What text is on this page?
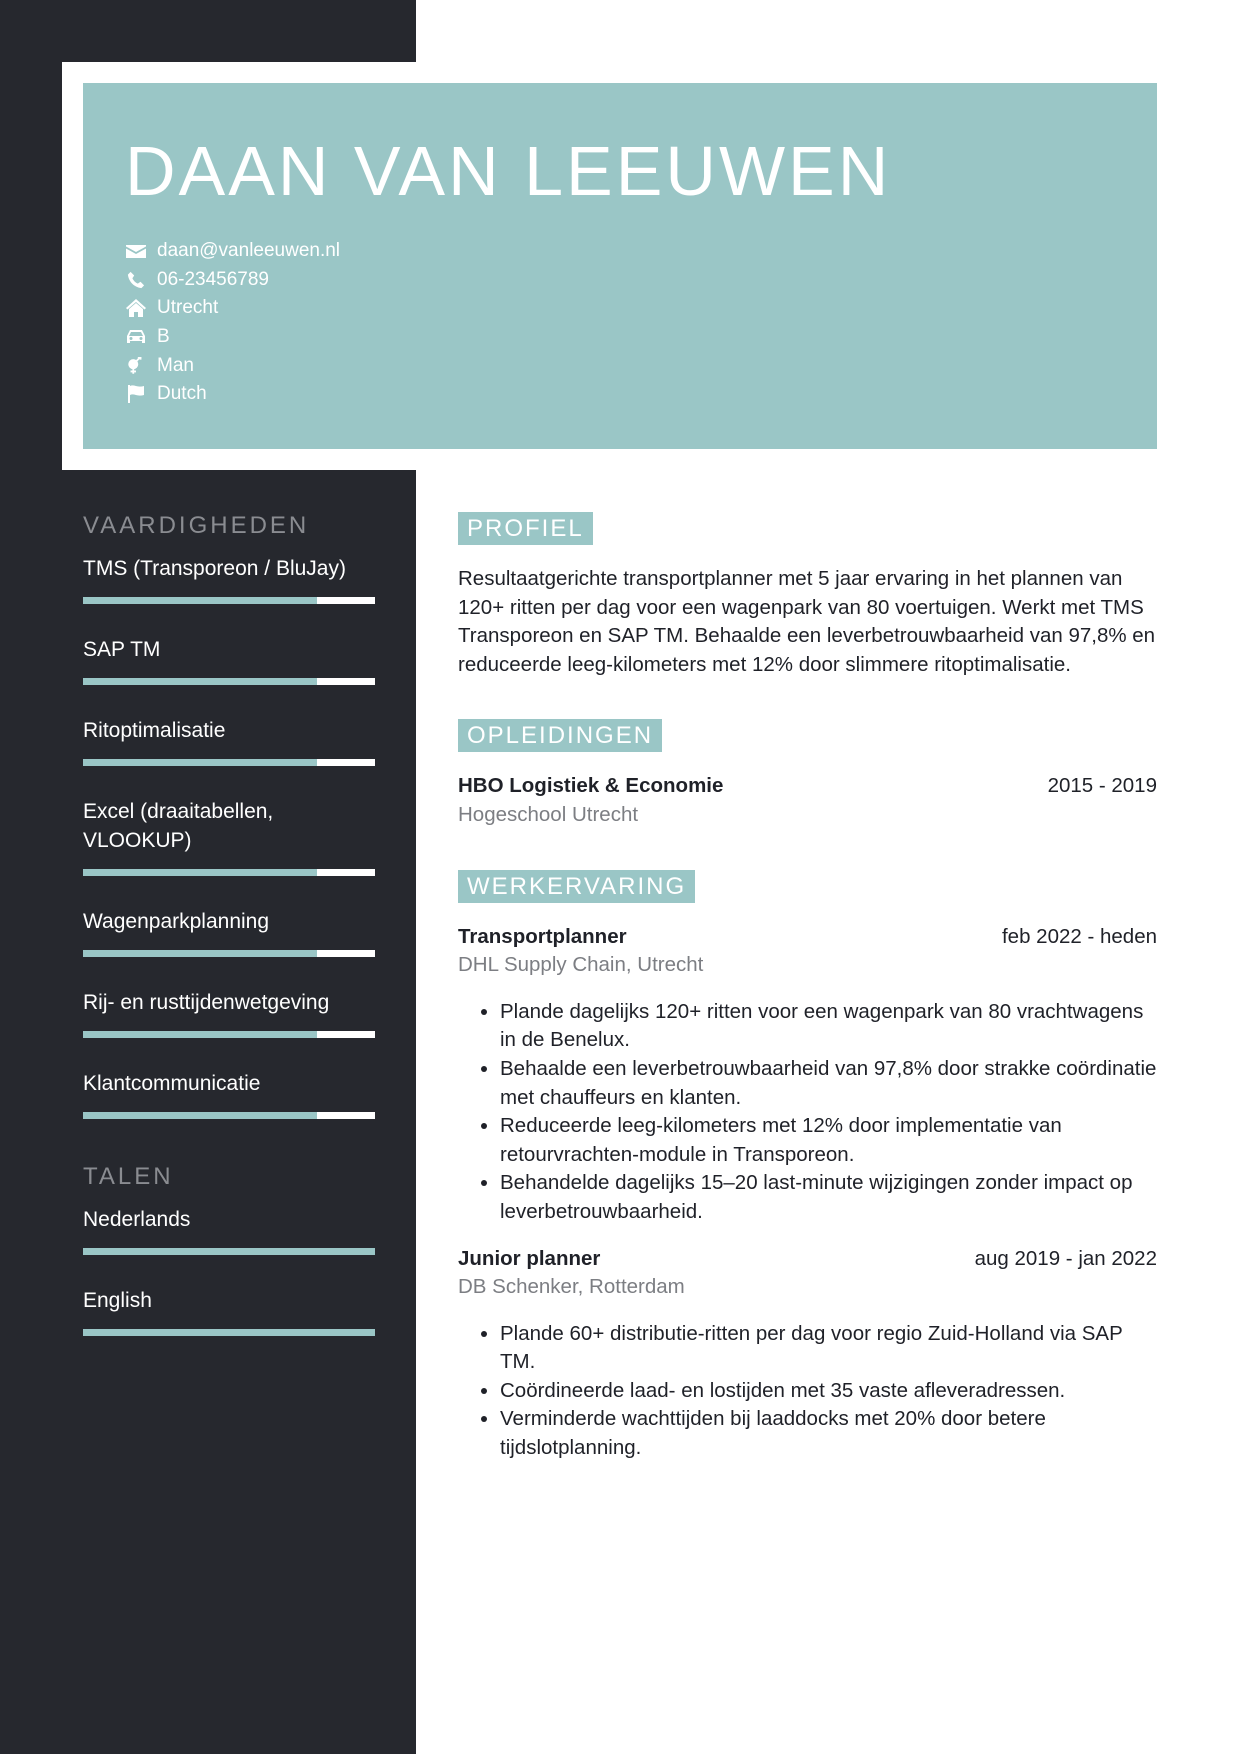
DAAN VAN LEEUWEN
daan@vanleeuwen.nl
06-23456789
Utrecht
B
Man
Dutch
VAARDIGHEDEN
TMS (Transporeon / BluJay)
SAP TM
Ritoptimalisatie
Excel (draaitabellen, VLOOKUP)
Wagenparkplanning
Rij- en rusttijdenwetgeving
Klantcommunicatie
TALEN
Nederlands
English
PROFIEL

Resultaatgerichte transportplanner met 5 jaar ervaring in het plannen van 120+ ritten per dag voor een wagenpark van 80 voertuigen. Werkt met TMS Transporeon en SAP TM. Behaalde een leverbetrouwbaarheid van 97,8% en reduceerde leeg-kilometers met 12% door slimmere ritoptimalisatie.

OPLEIDINGEN
HBO Logistiek & Economie	2015 - 2019
Hogeschool Utrecht
WERKERVARING
Transportplanner	feb 2022 - heden
DHL Supply Chain, Utrecht
• Plande dagelijks 120+ ritten voor een wagenpark van 80 vrachtwagens in de Benelux.
• Behaalde een leverbetrouwbaarheid van 97,8% door strakke coördinatie met chauffeurs en klanten.
• Reduceerde leeg-kilometers met 12% door implementatie van retourvrachten-module in Transporeon.
• Behandelde dagelijks 15–20 last-minute wijzigingen zonder impact op leverbetrouwbaarheid.
Junior planner	aug 2019 - jan 2022
DB Schenker, Rotterdam
• Plande 60+ distributie-ritten per dag voor regio Zuid-Holland via SAP TM.
• Coördineerde laad- en lostijden met 35 vaste afleveradressen.
• Verminderde wachttijden bij laaddocks met 20% door betere tijdslotplanning.
